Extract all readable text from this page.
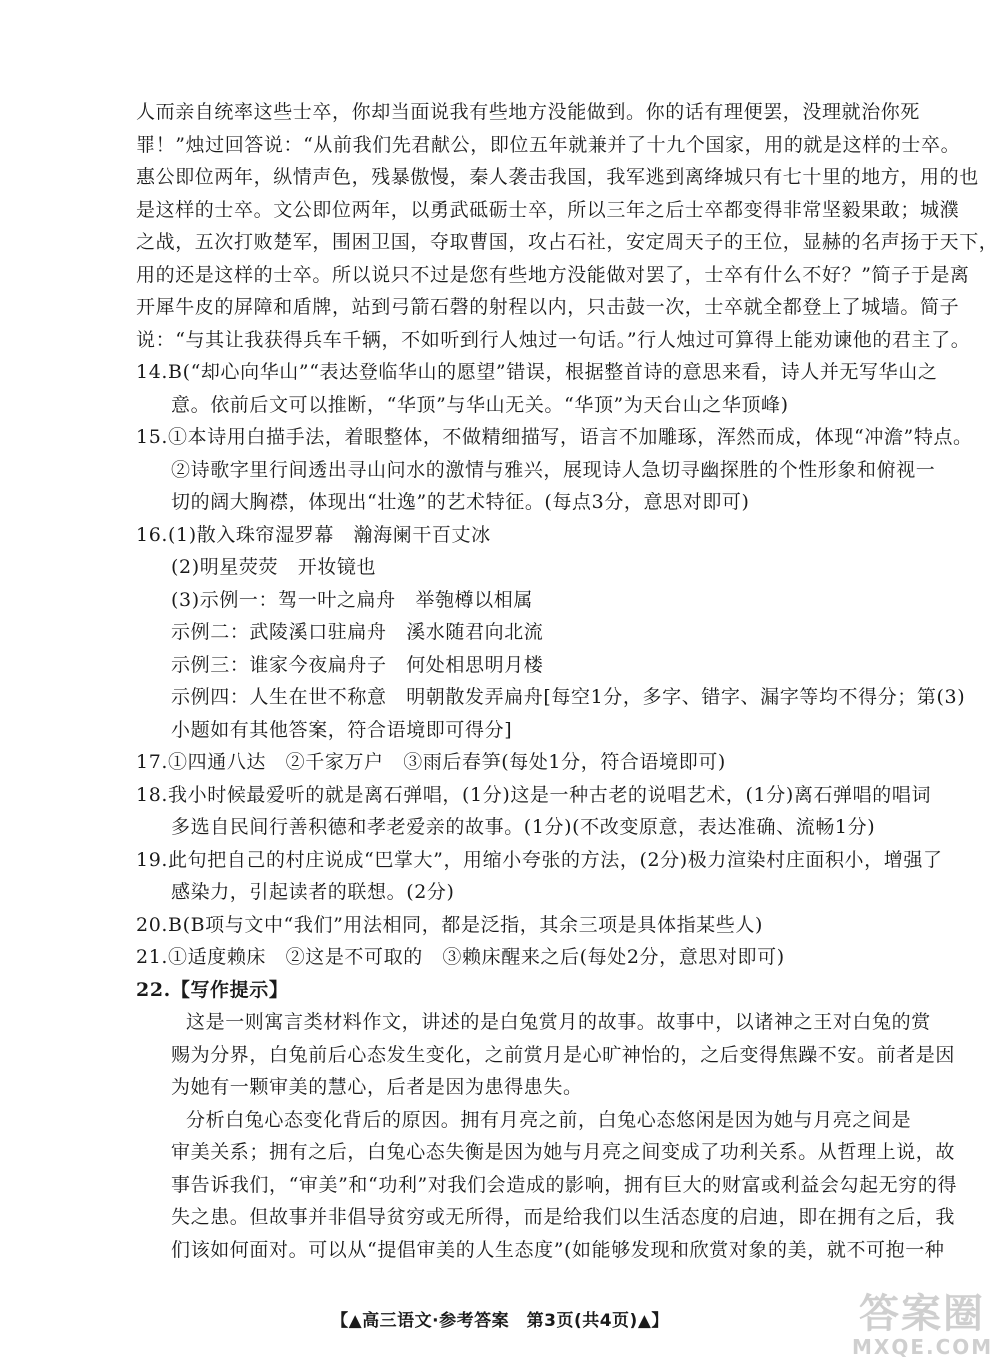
人而亲自统率这些士卒，你却当面说我有些地方没能做到。你的话有理便罢，没理就治你死
罪！”烛过回答说：“从前我们先君献公，即位五年就兼并了十九个国家，用的就是这样的士卒。
惠公即位两年，纵情声色，残暴傲慢，秦人袭击我国，我军逃到离绛城只有七十里的地方，用的也
是这样的士卒。文公即位两年，以勇武砥砺士卒，所以三年之后士卒都变得非常坚毅果敢；城濮
之战，五次打败楚军，围困卫国，夺取曹国，攻占石社，安定周天子的王位，显赫的名声扬于天下，
用的还是这样的士卒。所以说只不过是您有些地方没能做对罢了，士卒有什么不好？”简子于是离
开犀牛皮的屏障和盾牌，站到弓箭石磬的射程以内，只击鼓一次，士卒就全都登上了城墙。简子
说：“与其让我获得兵车千辆，不如听到行人烛过一句话。”行人烛过可算得上能劝谏他的君主了。
14.B(“却心向华山”“表达登临华山的愿望”错误，根据整首诗的意思来看，诗人并无写华山之
意。依前后文可以推断，“华顶”与华山无关。“华顶”为天台山之华顶峰)
15.①本诗用白描手法，着眼整体，不做精细描写，语言不加雕琢，浑然而成，体现“冲澹”特点。
②诗歌字里行间透出寻山问水的激情与雅兴，展现诗人急切寻幽探胜的个性形象和俯视一
切的阔大胸襟，体现出“壮逸”的艺术特征。(每点3分，意思对即可)
16.(1)散入珠帘湿罗幕　瀚海阑干百丈冰
(2)明星荧荧　开妆镜也
(3)示例一：驾一叶之扁舟　举匏樽以相属
示例二：武陵溪口驻扁舟　溪水随君向北流
示例三：谁家今夜扁舟子　何处相思明月楼
示例四：人生在世不称意　明朝散发弄扁舟[每空1分，多字、错字、漏字等均不得分；第(3)
小题如有其他答案，符合语境即可得分]
17.①四通八达　②千家万户　③雨后春笋(每处1分，符合语境即可)
18.我小时候最爱听的就是离石弹唱，(1分)这是一种古老的说唱艺术，(1分)离石弹唱的唱词
多选自民间行善积德和孝老爱亲的故事。(1分)(不改变原意，表达准确、流畅1分)
19.此句把自己的村庄说成“巴掌大”，用缩小夸张的方法，(2分)极力渲染村庄面积小，增强了
感染力，引起读者的联想。(2分)
20.B(B项与文中“我们”用法相同，都是泛指，其余三项是具体指某些人)
21.①适度赖床　②这是不可取的　③赖床醒来之后(每处2分，意思对即可)
22.【写作提示】
这是一则寓言类材料作文，讲述的是白兔赏月的故事。故事中，以诸神之王对白兔的赏
赐为分界，白兔前后心态发生变化，之前赏月是心旷神怡的，之后变得焦躁不安。前者是因
为她有一颗审美的慧心，后者是因为患得患失。
分析白兔心态变化背后的原因。拥有月亮之前，白兔心态悠闲是因为她与月亮之间是
审美关系；拥有之后，白兔心态失衡是因为她与月亮之间变成了功利关系。从哲理上说，故
事告诉我们，“审美”和“功利”对我们会造成的影响，拥有巨大的财富或利益会勾起无穷的得
失之患。但故事并非倡导贫穷或无所得，而是给我们以生活态度的启迪，即在拥有之后，我
们该如何面对。可以从“提倡审美的人生态度”(如能够发现和欣赏对象的美，就不可抱一种
【▲高三语文·参考答案　第3页(共4页)▲】	答案圈
MXQE.COM
